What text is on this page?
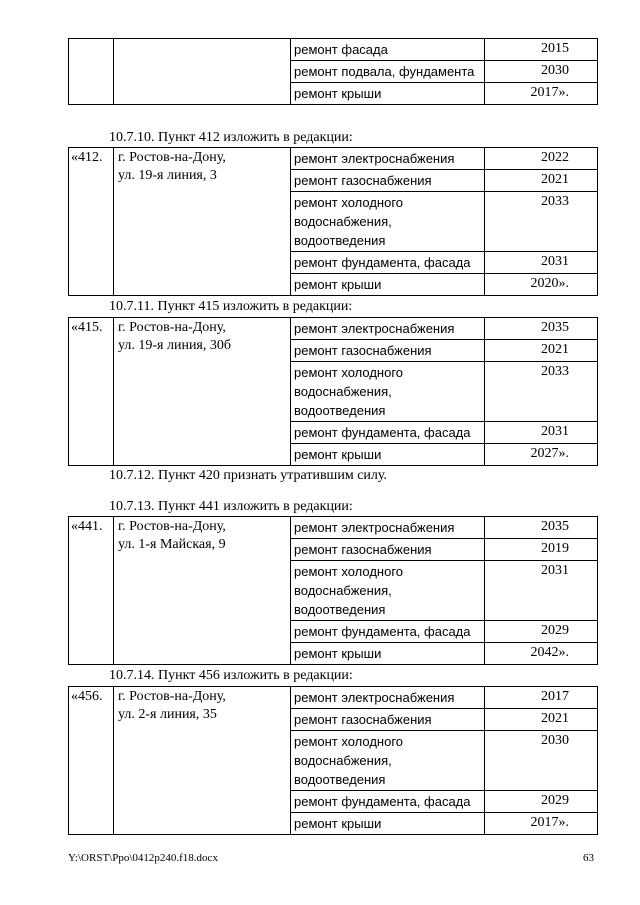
		ремонт фасада	2015
		ремонт подвала, фундамента	2030
		ремонт крыши	2017».
10.7.10. Пункт 412 изложить в редакции:
«412.	г. Ростов-на-Дону,
ул. 19-я линия, 3	ремонт электроснабжения	2022
		ремонт газоснабжения	2021
		ремонт холодного
водоснабжения, водоотведения	2033
		ремонт фундамента, фасада	2031
		ремонт крыши	2020».
10.7.11. Пункт 415 изложить в редакции:
«415.	г. Ростов-на-Дону,
ул. 19-я линия, 30б	ремонт электроснабжения	2035
		ремонт газоснабжения	2021
		ремонт холодного
водоснабжения, водоотведения	2033
		ремонт фундамента, фасада	2031
		ремонт крыши	2027».
10.7.12. Пункт 420 признать утратившим силу.
10.7.13. Пункт 441 изложить в редакции:
«441.	г. Ростов-на-Дону,
ул. 1-я Майская, 9	ремонт электроснабжения	2035
		ремонт газоснабжения	2019
		ремонт холодного
водоснабжения, водоотведения	2031
		ремонт фундамента, фасада	2029
		ремонт крыши	2042».
10.7.14. Пункт 456 изложить в редакции:
«456.	г. Ростов-на-Дону,
ул. 2-я линия, 35	ремонт электроснабжения	2017
		ремонт газоснабжения	2021
		ремонт холодного
водоснабжения, водоотведения	2030
		ремонт фундамента, фасада	2029
		ремонт крыши	2017».
Y:\ORST\Ppo\0412p240.f18.docx	63
